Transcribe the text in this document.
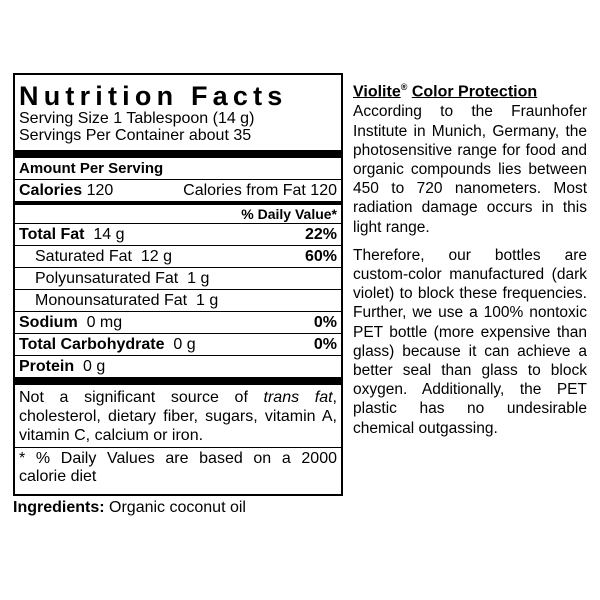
Nutrition Facts
Serving Size 1 Tablespoon (14 g)
Servings Per Container about 35
Amount Per Serving
Calories 120	Calories from Fat 120
% Daily Value*
Total Fat 14 g	22%
Saturated Fat 12 g	60%
Polyunsaturated Fat 1 g
Monounsaturated Fat 1 g
Sodium 0 mg	0%
Total Carbohydrate 0 g	0%
Protein 0 g
Not a significant source of trans fat, cholesterol, dietary fiber, sugars, vitamin A, vitamin C, calcium or iron.
* % Daily Values are based on a 2000 calorie diet
Ingredients: Organic coconut oil
Violite® Color Protection

According to the Fraunhofer Institute in Munich, Germany, the photosensitive range for food and organic compounds lies between 450 to 720 nanometers. Most radiation damage occurs in this light range.

Therefore, our bottles are custom-color manufactured (dark violet) to block these frequencies. Further, we use a 100% nontoxic PET bottle (more expensive than glass) because it can achieve a better seal than glass to block oxygen. Additionally, the PET plastic has no undesirable chemical outgassing.
